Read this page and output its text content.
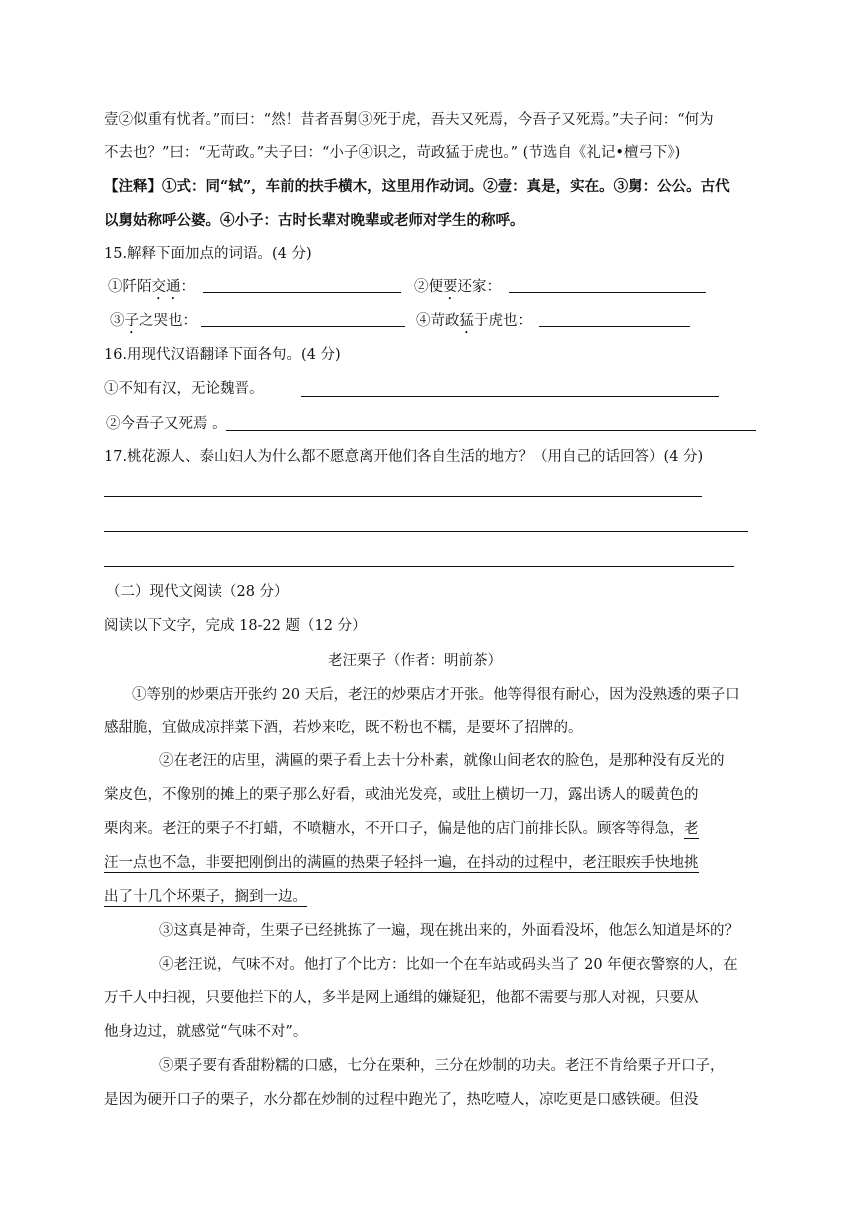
壹②似重有忧者。”而曰：“然！昔者吾舅③死于虎，吾夫又死焉，今吾子又死焉。”夫子问：“何为
不去也？”曰：“无苛政。”夫子曰：“小子④识之，苛政猛于虎也。” (节选自《礼记•檀弓下》)
【注释】①式：同“轼”，车前的扶手横木，这里用作动词。②壹：真是，实在。③舅：公公。古代
以舅姑称呼公婆。④小子：古时长辈对晚辈或老师对学生的称呼。
15.解释下面加点的词语。(4 分)
①阡陌交通：	②便要还家：
③子之哭也：	④苛政猛于虎也：
16.用现代汉语翻译下面各句。(4 分)
①不知有汉，无论魏晋。
②今吾子又死焉 。
17.桃花源人、泰山妇人为什么都不愿意离开他们各自生活的地方？（用自己的话回答）(4 分)
（二）现代文阅读（28 分）
阅读以下文字，完成 18-22 题（12 分）
老汪栗子（作者：明前茶）
①等别的炒栗店开张约 20 天后，老汪的炒栗店才开张。他等得很有耐心，因为没熟透的栗子口
感甜脆，宜做成凉拌菜下酒，若炒来吃，既不粉也不糯，是要坏了招牌的。
②在老汪的店里，满匾的栗子看上去十分朴素，就像山间老农的脸色，是那种没有反光的
棠皮色，不像别的摊上的栗子那么好看，或油光发亮，或肚上横切一刀，露出诱人的暖黄色的
栗肉来。老汪的栗子不打蜡，不喷糖水，不开口子，偏是他的店门前排长队。顾客等得急，老
汪一点也不急，非要把刚倒出的满匾的热栗子轻抖一遍，在抖动的过程中，老汪眼疾手快地挑
出了十几个坏栗子，搁到一边。
③这真是神奇，生栗子已经挑拣了一遍，现在挑出来的，外面看没坏，他怎么知道是坏的？
④老汪说，气味不对。他打了个比方：比如一个在车站或码头当了 20 年便衣警察的人，在
万千人中扫视，只要他拦下的人，多半是网上通缉的嫌疑犯，他都不需要与那人对视，只要从
他身边过，就感觉“气味不对”。
⑤栗子要有香甜粉糯的口感，七分在栗种，三分在炒制的功夫。老汪不肯给栗子开口子，
是因为硬开口子的栗子，水分都在炒制的过程中跑光了，热吃噎人，凉吃更是口感铁硬。但没
